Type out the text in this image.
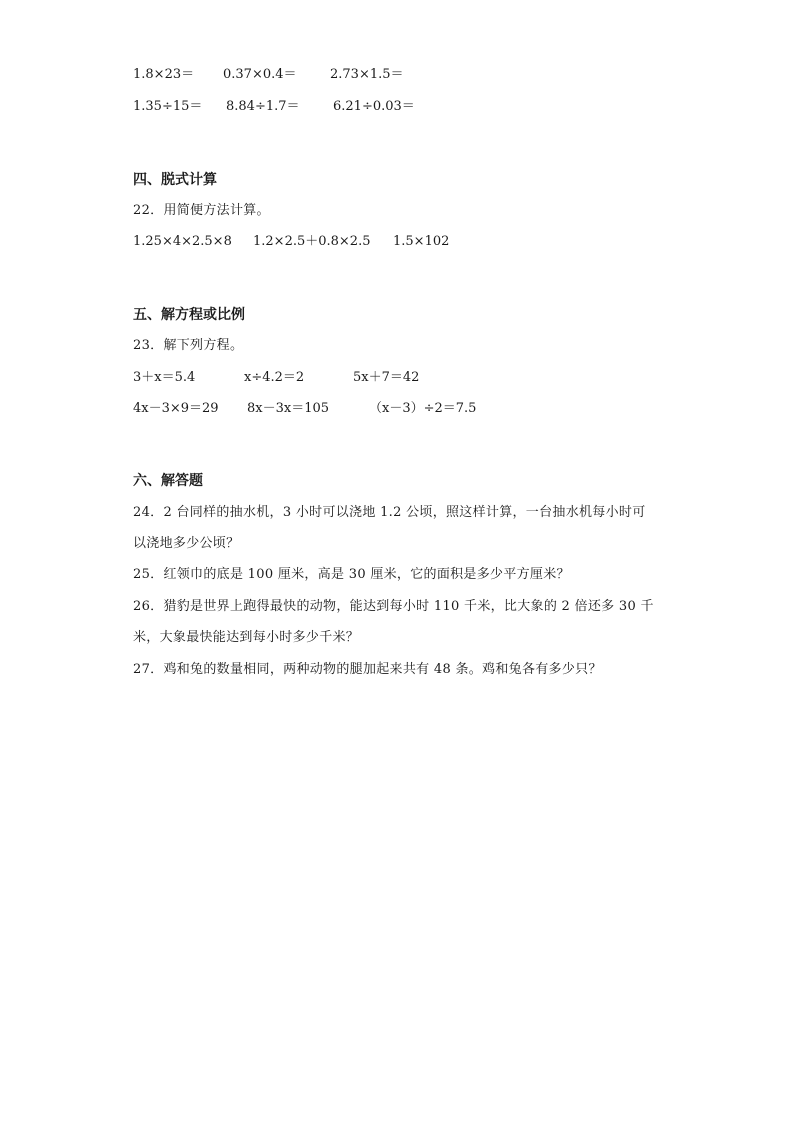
1.8×23＝ 0.37×0.4＝	2.73×1.5＝
1.35÷15＝ 8.84÷1.7＝	6.21÷0.03＝
四、脱式计算
22．用简便方法计算。
1.25×4×2.5×8 1.2×2.5＋0.8×2.5 1.5×102
五、解方程或比例
23．解下列方程。
3＋x＝5.4	x÷4.2＝2	5x＋7＝42
4x－3×9＝29 8x－3x＝105	（x－3）÷2＝7.5
六、解答题
24．2 台同样的抽水机，3 小时可以浇地 1.2 公顷，照这样计算，一台抽水机每小时可
以浇地多少公顷？
25．红领巾的底是 100 厘米，高是 30 厘米，它的面积是多少平方厘米？
26．猎豹是世界上跑得最快的动物，能达到每小时 110 千米，比大象的 2 倍还多 30 千
米，大象最快能达到每小时多少千米？
27．鸡和兔的数量相同，两种动物的腿加起来共有 48 条。鸡和兔各有多少只？
